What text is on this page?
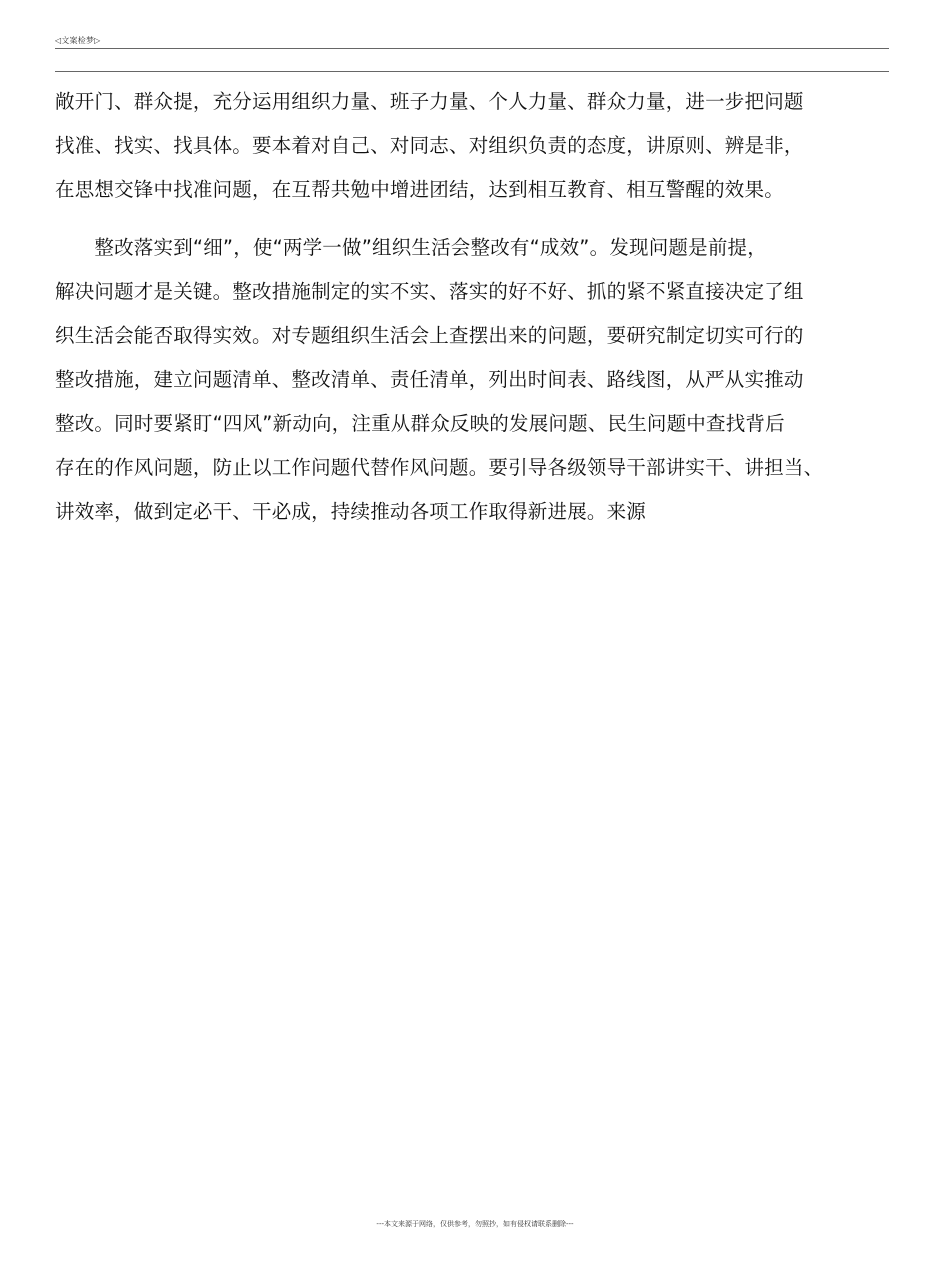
◁文案检梦▷
敞开门、群众提，充分运用组织力量、班子力量、个人力量、群众力量，进一步把问题
找准、找实、找具体。要本着对自己、对同志、对组织负责的态度，讲原则、辨是非，
在思想交锋中找准问题，在互帮共勉中增进团结，达到相互教育、相互警醒的效果。
　　整改落实到“细”，使“两学一做”组织生活会整改有“成效”。发现问题是前提，
解决问题才是关键。整改措施制定的实不实、落实的好不好、抓的紧不紧直接决定了组
织生活会能否取得实效。对专题组织生活会上查摆出来的问题，要研究制定切实可行的
整改措施，建立问题清单、整改清单、责任清单，列出时间表、路线图，从严从实推动
整改。同时要紧盯“四风”新动向，注重从群众反映的发展问题、民生问题中查找背后
存在的作风问题，防止以工作问题代替作风问题。要引导各级领导干部讲实干、讲担当、
讲效率，做到定必干、干必成，持续推动各项工作取得新进展。来源
---本文来源于网络，仅供参考，勿照抄，如有侵权请联系删除---
